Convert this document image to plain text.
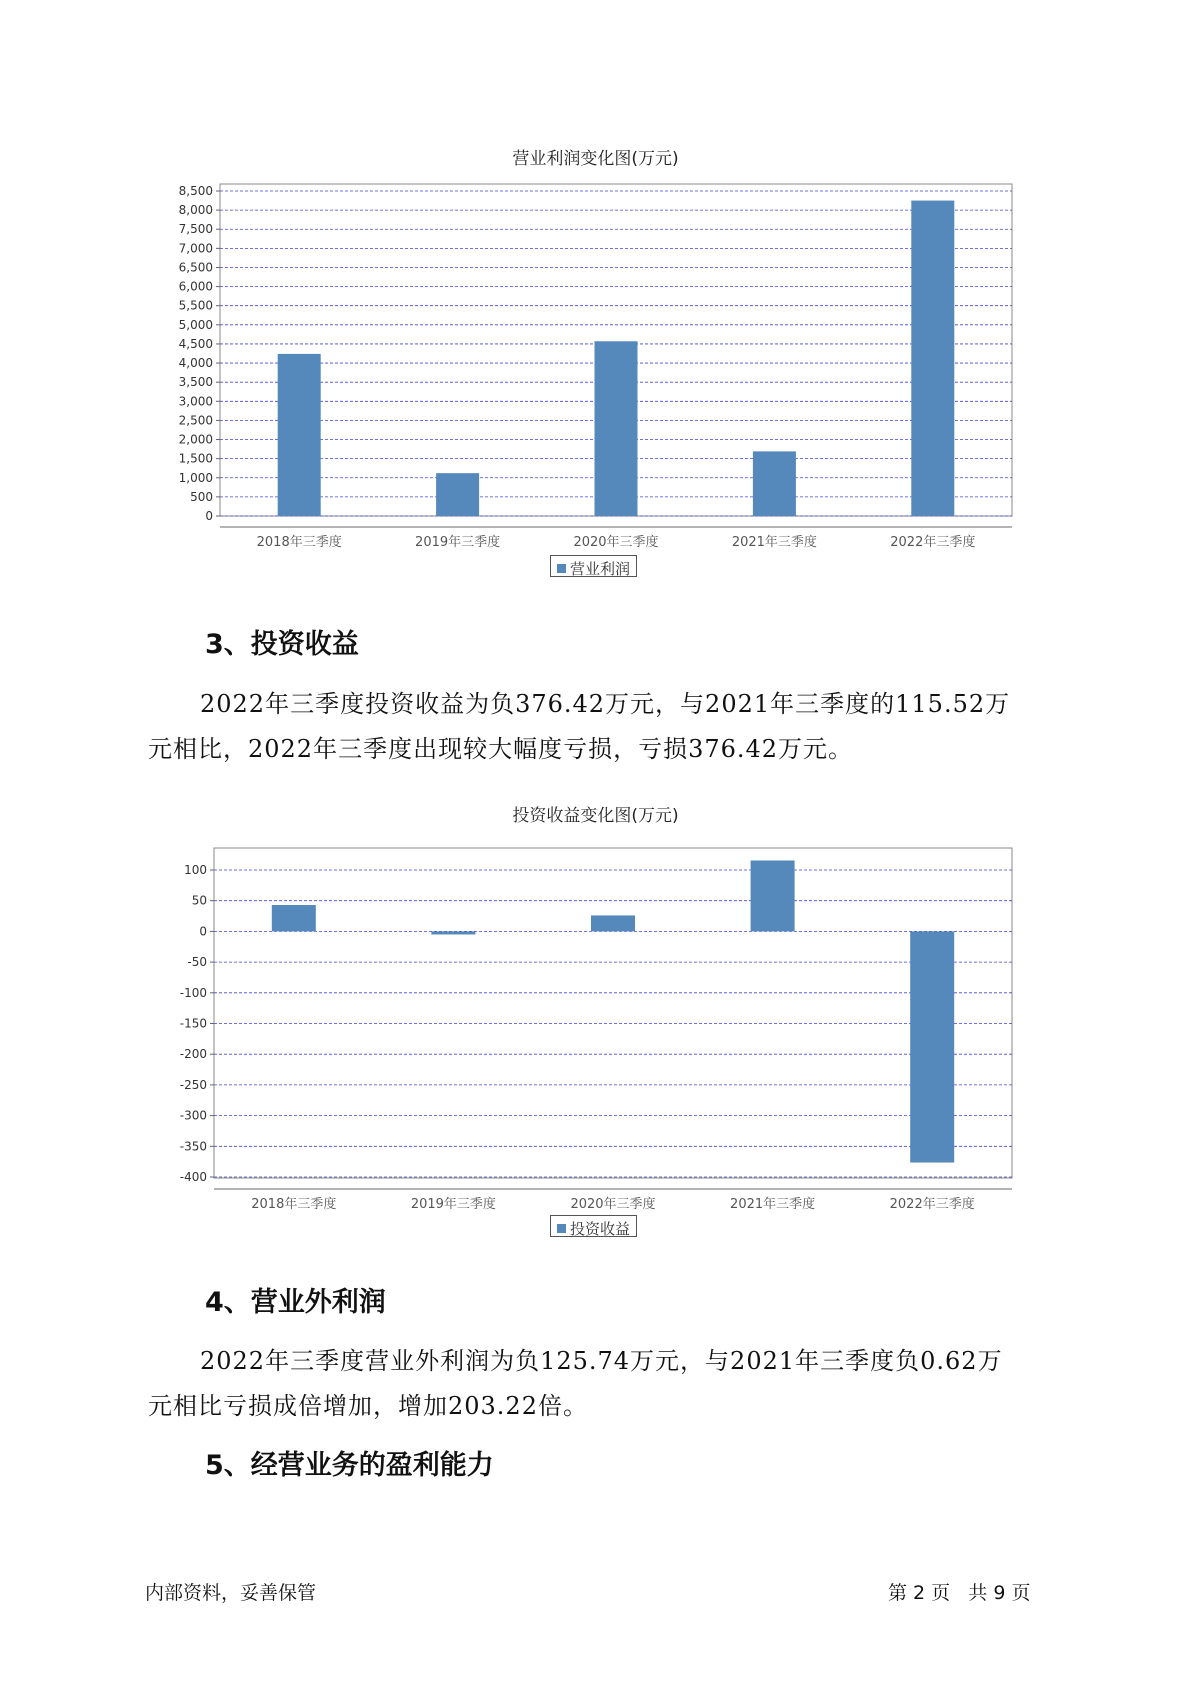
营业利润变化图(万元)
0
500
1,000
1,500
2,000
2,500
3,000
3,500
4,000
4,500
5,000
5,500
6,000
6,500
7,000
7,500
8,000
8,500
2018年三季度	2019年三季度	2020年三季度	2021年三季度	2022年三季度
营业利润
3、投资收益

2022年三季度投资收益为负376.42万元，与2021年三季度的115.52万
元相比，2022年三季度出现较大幅度亏损，亏损376.42万元。

投资收益变化图(万元)
-400
-350
-300
-250
-200
-150
-100
-50
0
50
100
2018年三季度	2019年三季度	2020年三季度	2021年三季度	2022年三季度
投资收益
4、营业外利润

2022年三季度营业外利润为负125.74万元，与2021年三季度负0.62万
元相比亏损成倍增加，增加203.22倍。

5、经营业务的盈利能力
内部资料，妥善保管	第 2 页   共 9 页
